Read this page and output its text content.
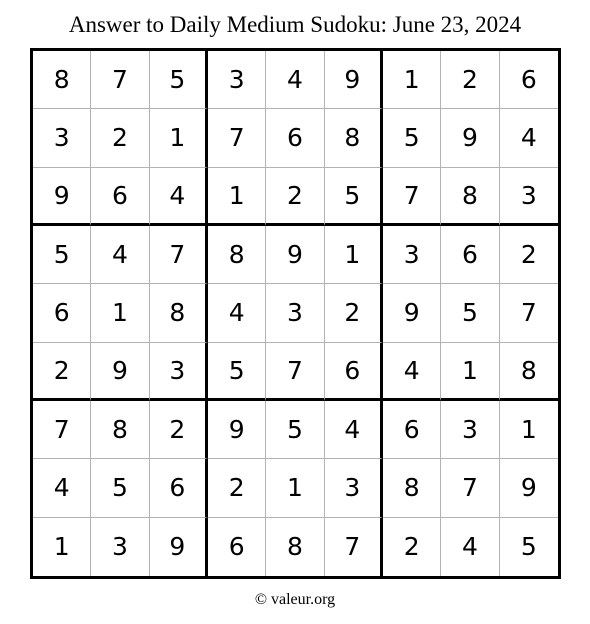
Answer to Daily Medium Sudoku: June 23, 2024
8	7	5	3	4	9	1	2	6
3	2	1	7	6	8	5	9	4
9	6	4	1	2	5	7	8	3
5	4	7	8	9	1	3	6	2
6	1	8	4	3	2	9	5	7
2	9	3	5	7	6	4	1	8
7	8	2	9	5	4	6	3	1
4	5	6	2	1	3	8	7	9
1	3	9	6	8	7	2	4	5
© valeur.org
